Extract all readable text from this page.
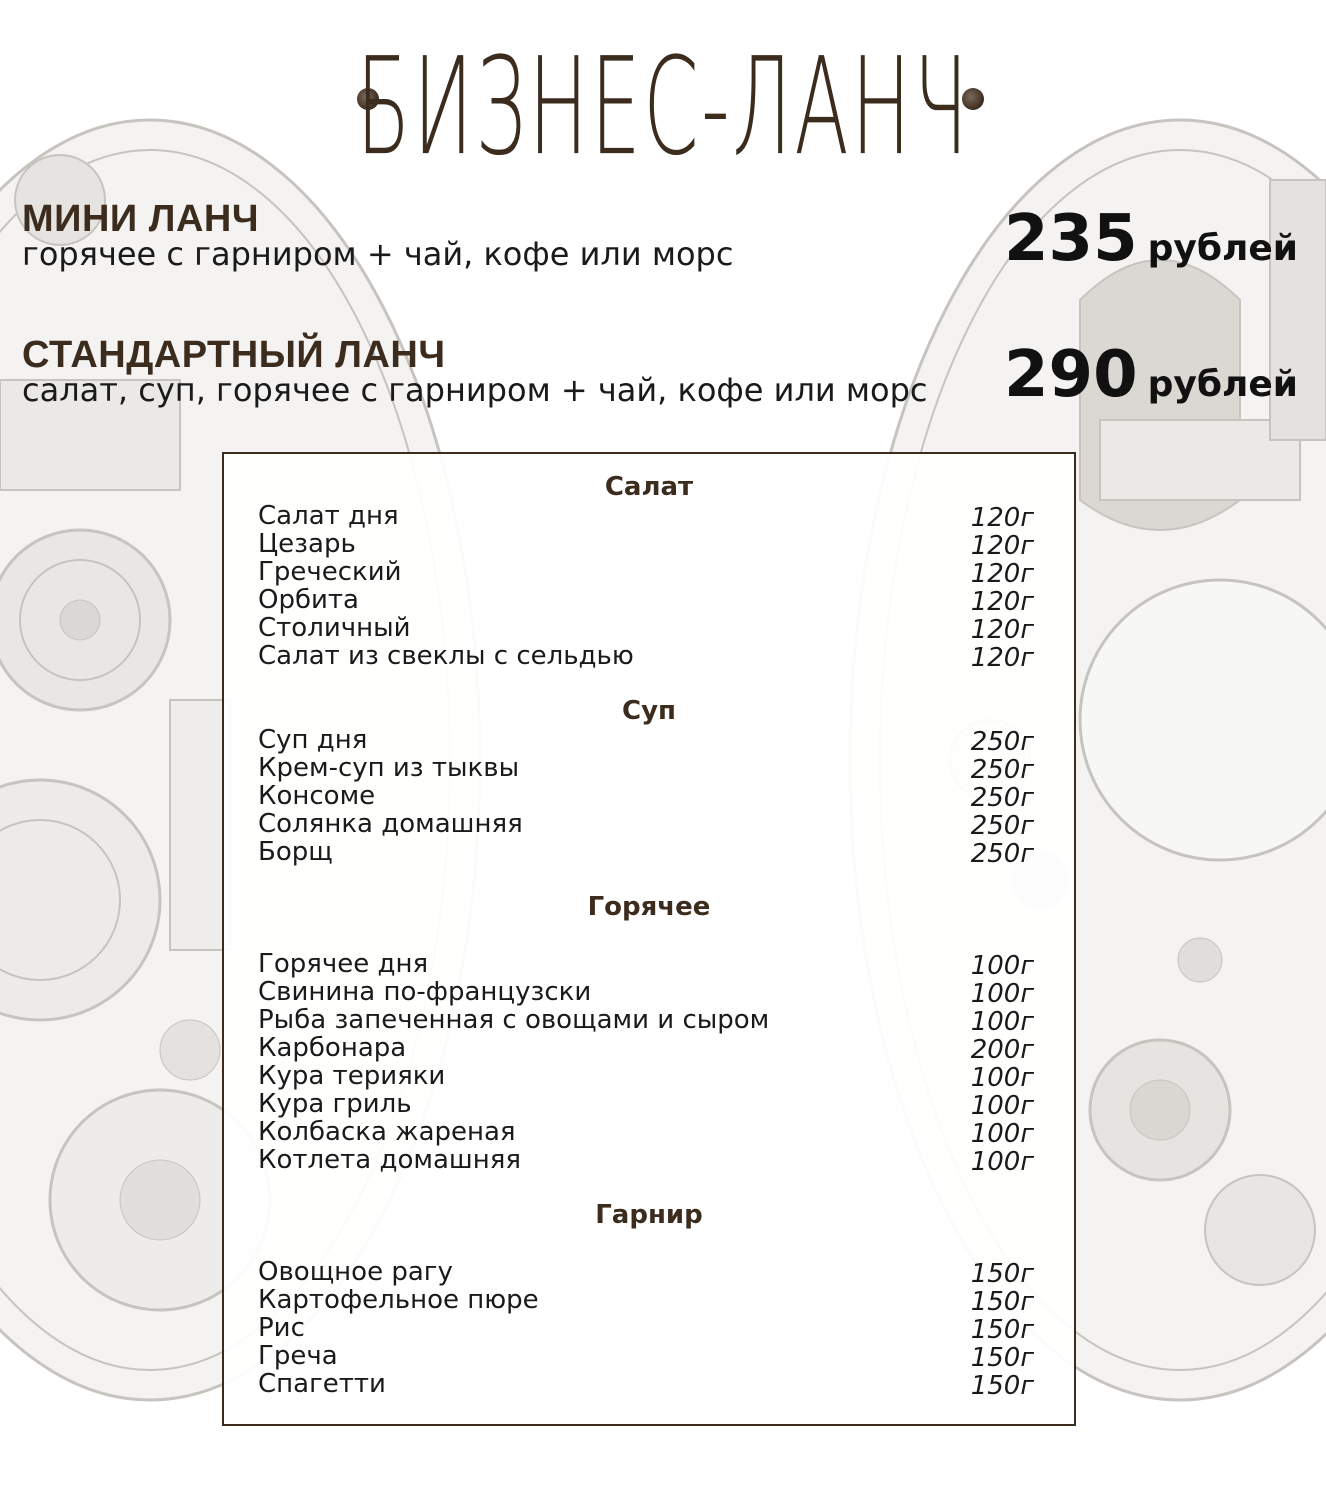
БИЗНЕС-ЛАНЧ
МИНИ ЛАНЧ
горячее с гарниром + чай, кофе или морс	235 рублей
СТАНДАРТНЫЙ ЛАНЧ
салат, суп, горячее с гарниром + чай, кофе или морс	290 рублей
Салат
Салат дня	120г
Цезарь	120г
Греческий	120г
Орбита	120г
Столичный	120г
Салат из свеклы с сельдью	120г
Суп
Суп дня	250г
Крем-суп из тыквы	250г
Консоме	250г
Солянка домашняя	250г
Борщ	250г
Горячее
Горячее дня	100г
Свинина по-французски	100г
Рыба запеченная с овощами и сыром	100г
Карбонара	200г
Кура терияки	100г
Кура гриль	100г
Колбаска жареная	100г
Котлета домашняя	100г
Гарнир
Овощное рагу	150г
Картофельное пюре	150г
Рис	150г
Греча	150г
Спагетти	150г
